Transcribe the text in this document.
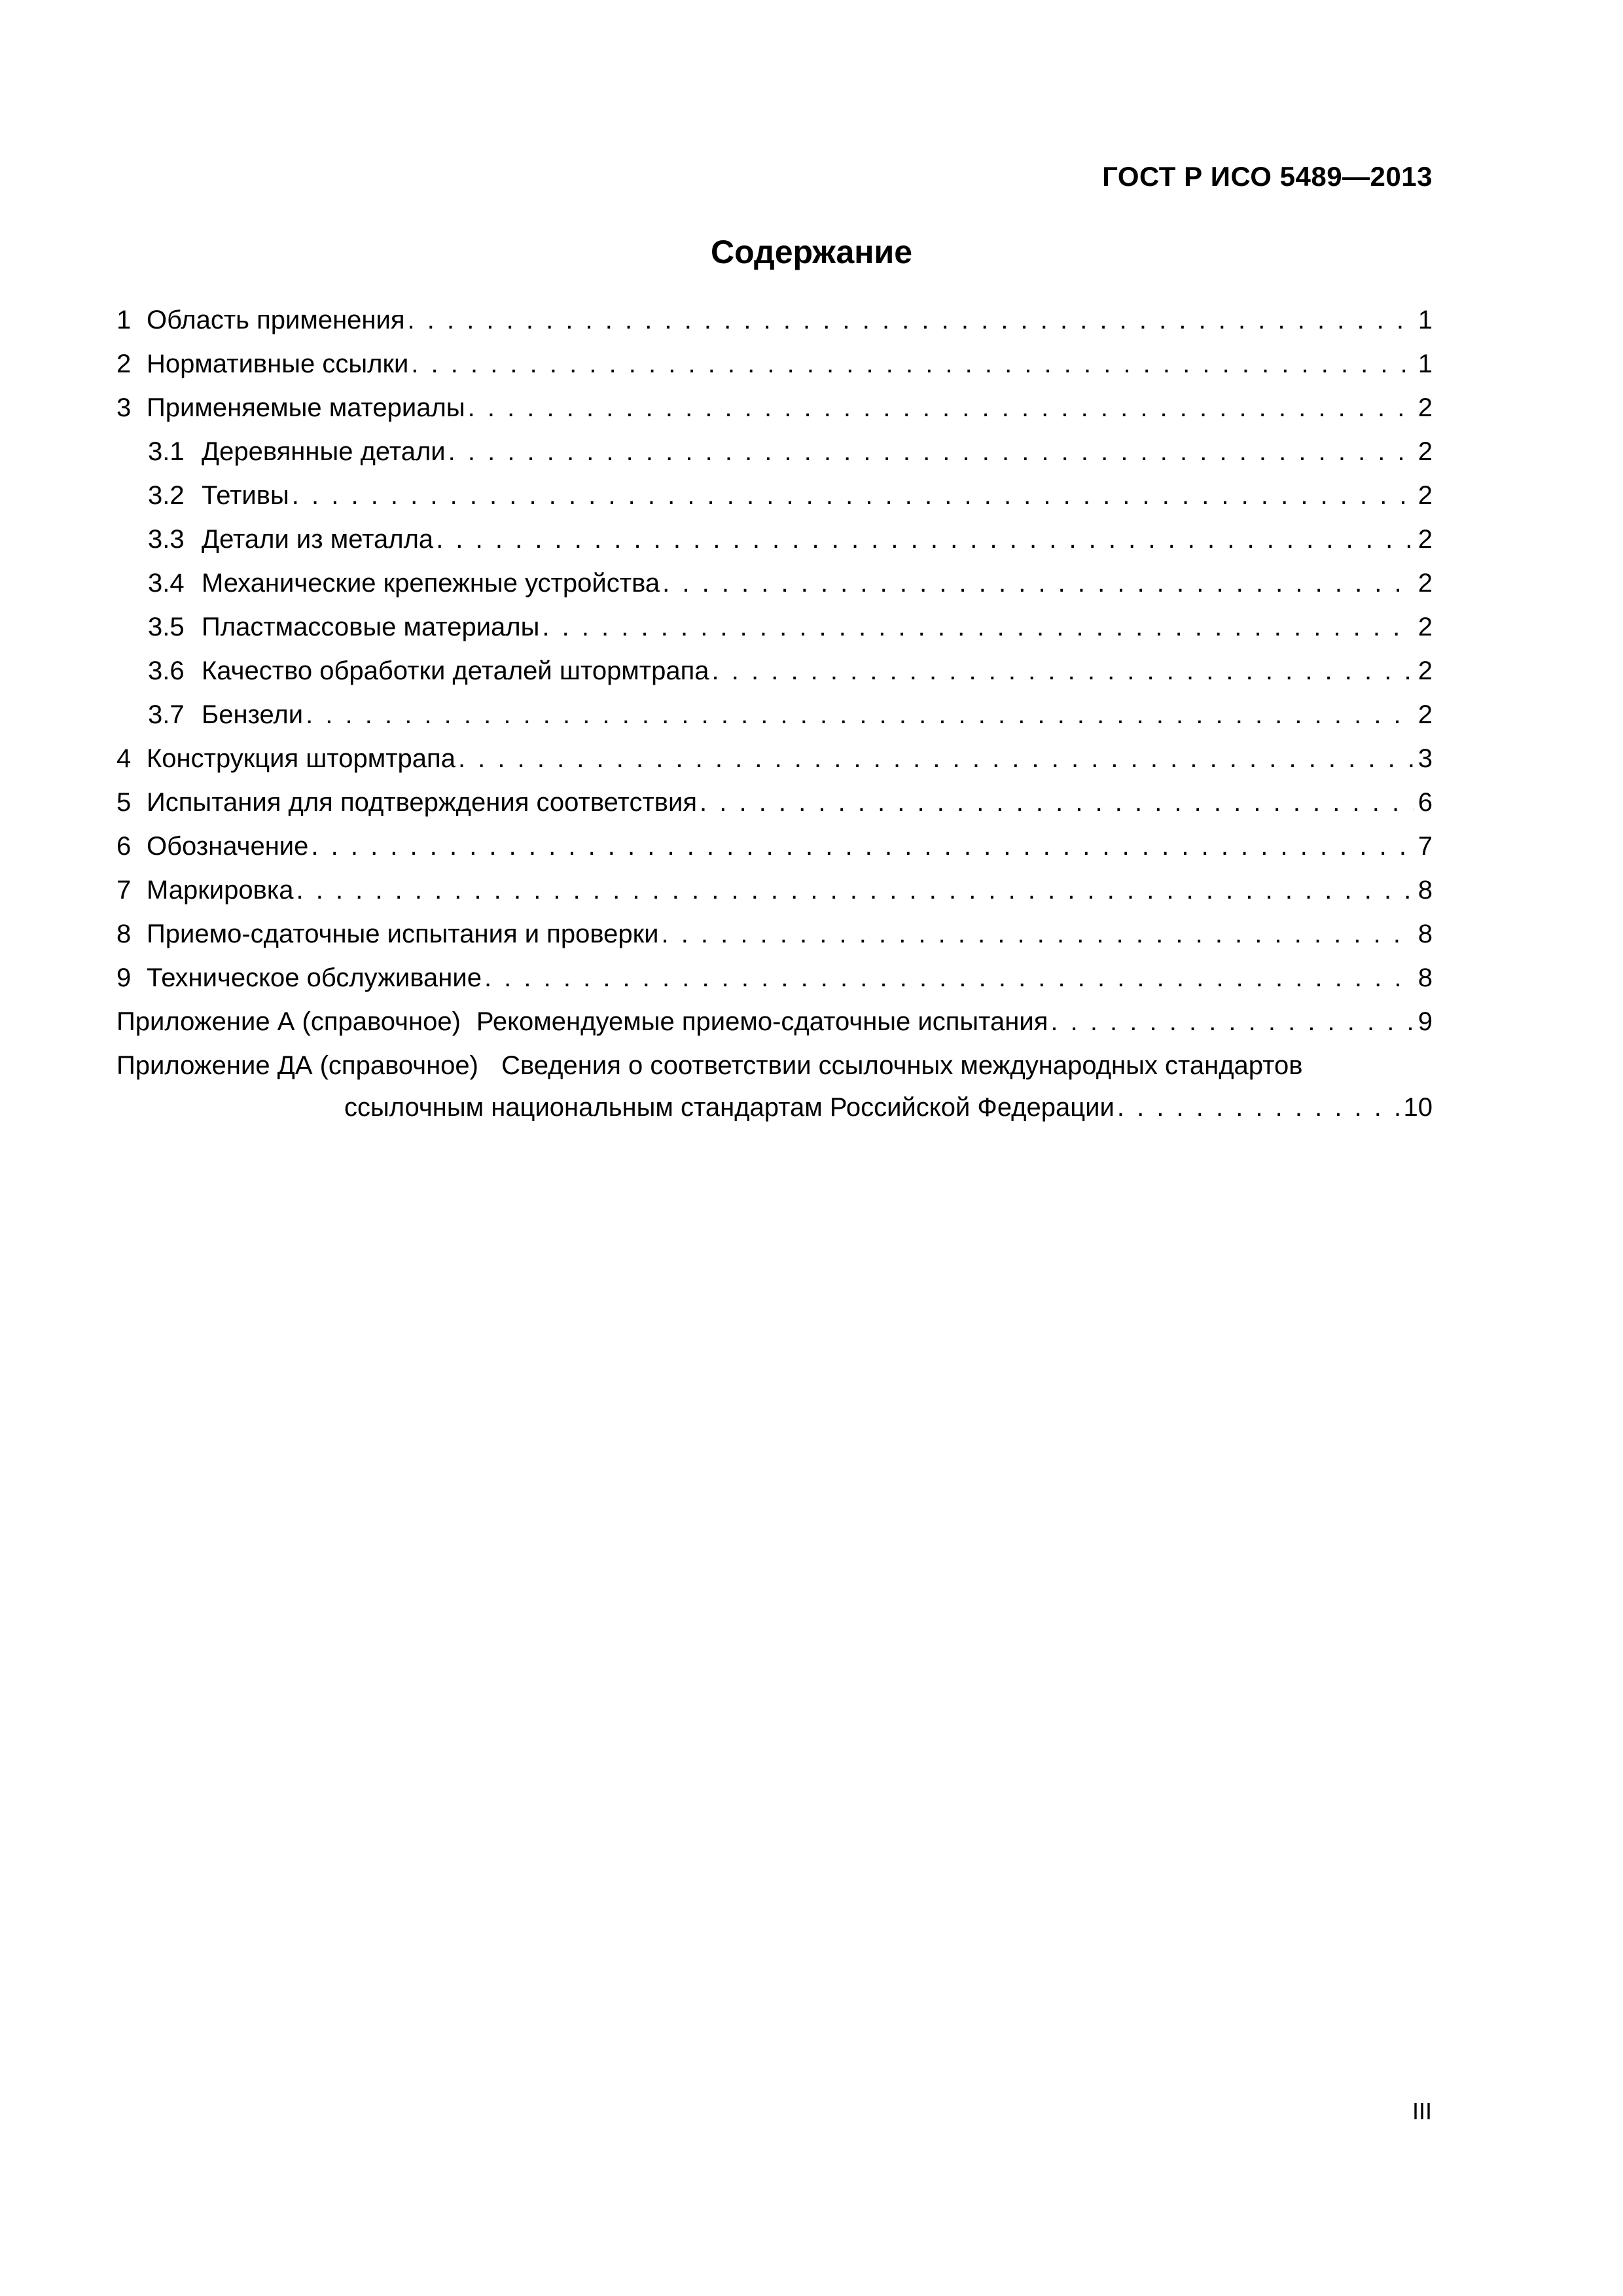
ГОСТ Р ИСО 5489—2013
Содержание
1 Область применения . . .	1
2 Нормативные ссылки . . .	1
3 Применяемые материалы . . .	2
3.1 Деревянные детали . . .	2
3.2 Тетивы . . .	2
3.3 Детали из металла . . .	2
3.4 Механические крепежные устройства . . .	2
3.5 Пластмассовые материалы . . .	2
3.6 Качество обработки деталей штормтрапа . . .	2
3.7 Бензели . . .	2
4 Конструкция штормтрапа . . .	3
5 Испытания для подтверждения соответствия . . .	6
6 Обозначение . . .	7
7 Маркировка . . .	8
8 Приемо-сдаточные испытания и проверки . . .	8
9 Техническое обслуживание . . .	8
Приложение А (справочное) Рекомендуемые приемо-сдаточные испытания . . .	9
Приложение ДА (справочное) Сведения о соответствии ссылочных международных стандартов
ссылочным национальным стандартам Российской Федерации . . .	10
III
